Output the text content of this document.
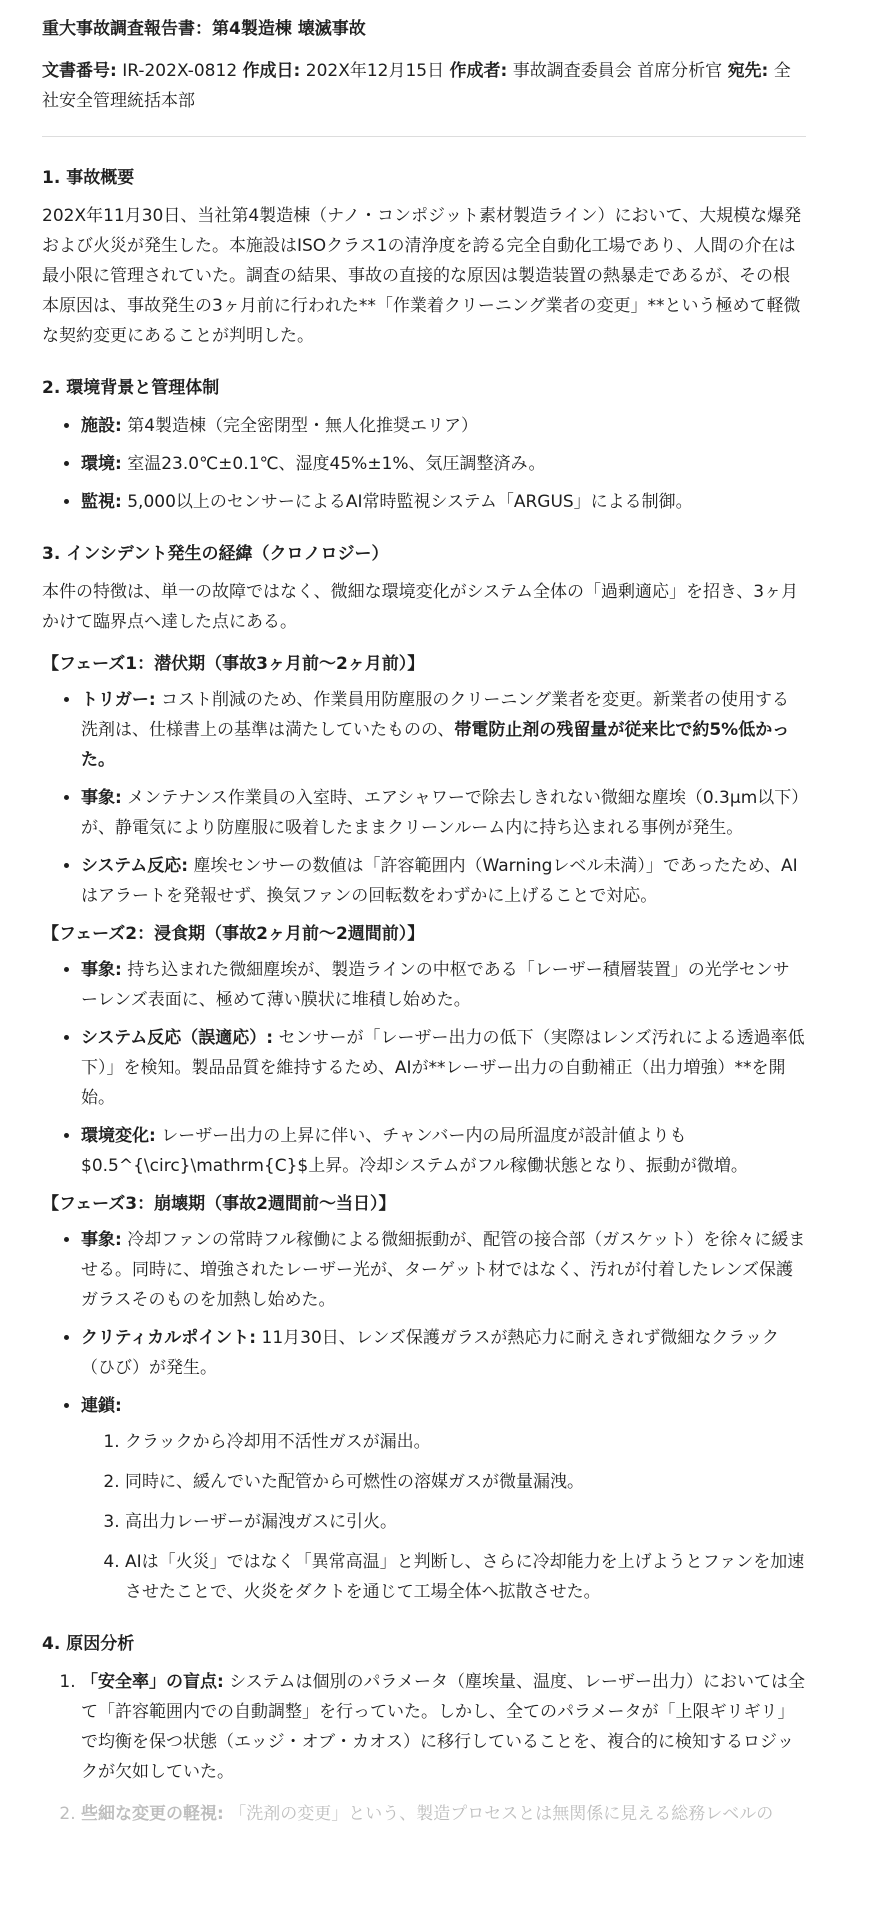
重大事故調査報告書：第4製造棟 壊滅事故

文書番号: IR-202X-0812 作成日: 202X年12月15日 作成者: 事故調査委員会 首席分析官 宛先: 全社安全管理統括本部

1. 事故概要

202X年11月30日、当社第4製造棟（ナノ・コンポジット素材製造ライン）において、大規模な爆発および火災が発生した。本施設はISOクラス1の清浄度を誇る完全自動化工場であり、人間の介在は最小限に管理されていた。調査の結果、事故の直接的な原因は製造装置の熱暴走であるが、その根本原因は、事故発生の3ヶ月前に行われた**「作業着クリーニング業者の変更」**という極めて軽微な契約変更にあることが判明した。

2. 環境背景と管理体制
• 施設: 第4製造棟（完全密閉型・無人化推奨エリア）
• 環境: 室温23.0℃±0.1℃、湿度45%±1%、気圧調整済み。
• 監視: 5,000以上のセンサーによるAI常時監視システム「ARGUS」による制御。
3. インシデント発生の経緯（クロノロジー）

本件の特徴は、単一の故障ではなく、微細な環境変化がシステム全体の「過剰適応」を招き、3ヶ月かけて臨界点へ達した点にある。

【フェーズ1：潜伏期（事故3ヶ月前〜2ヶ月前）】
• トリガー: コスト削減のため、作業員用防塵服のクリーニング業者を変更。新業者の使用する洗剤は、仕様書上の基準は満たしていたものの、帯電防止剤の残留量が従来比で約5%低かった。
• 事象: メンテナンス作業員の入室時、エアシャワーで除去しきれない微細な塵埃（0.3μm以下）が、静電気により防塵服に吸着したままクリーンルーム内に持ち込まれる事例が発生。
• システム反応: 塵埃センサーの数値は「許容範囲内（Warningレベル未満）」であったため、AIはアラートを発報せず、換気ファンの回転数をわずかに上げることで対応。
【フェーズ2：浸食期（事故2ヶ月前〜2週間前）】
• 事象: 持ち込まれた微細塵埃が、製造ラインの中枢である「レーザー積層装置」の光学センサーレンズ表面に、極めて薄い膜状に堆積し始めた。
• システム反応（誤適応）: センサーが「レーザー出力の低下（実際はレンズ汚れによる透過率低下）」を検知。製品品質を維持するため、AIが**レーザー出力の自動補正（出力増強）**を開始。
• 環境変化: レーザー出力の上昇に伴い、チャンバー内の局所温度が設計値よりも$0.5^{\circ}\mathrm{C}$上昇。冷却システムがフル稼働状態となり、振動が微増。
【フェーズ3：崩壊期（事故2週間前〜当日）】
• 事象: 冷却ファンの常時フル稼働による微細振動が、配管の接合部（ガスケット）を徐々に緩ませる。同時に、増強されたレーザー光が、ターゲット材ではなく、汚れが付着したレンズ保護ガラスそのものを加熱し始めた。
• クリティカルポイント: 11月30日、レンズ保護ガラスが熱応力に耐えきれず微細なクラック（ひび）が発生。
• 連鎖:
1. クラックから冷却用不活性ガスが漏出。
2. 同時に、緩んでいた配管から可燃性の溶媒ガスが微量漏洩。
3. 高出力レーザーが漏洩ガスに引火。
4. AIは「火災」ではなく「異常高温」と判断し、さらに冷却能力を上げようとファンを加速させたことで、火炎をダクトを通じて工場全体へ拡散させた。
4. 原因分析
1. 「安全率」の盲点: システムは個別のパラメータ（塵埃量、温度、レーザー出力）においては全て「許容範囲内での自動調整」を行っていた。しかし、全てのパラメータが「上限ギリギリ」で均衡を保つ状態（エッジ・オブ・カオス）に移行していることを、複合的に検知するロジックが欠如していた。
2. 些細な変更の軽視: 「洗剤の変更」という、製造プロセスとは無関係に見える総務レベルの
